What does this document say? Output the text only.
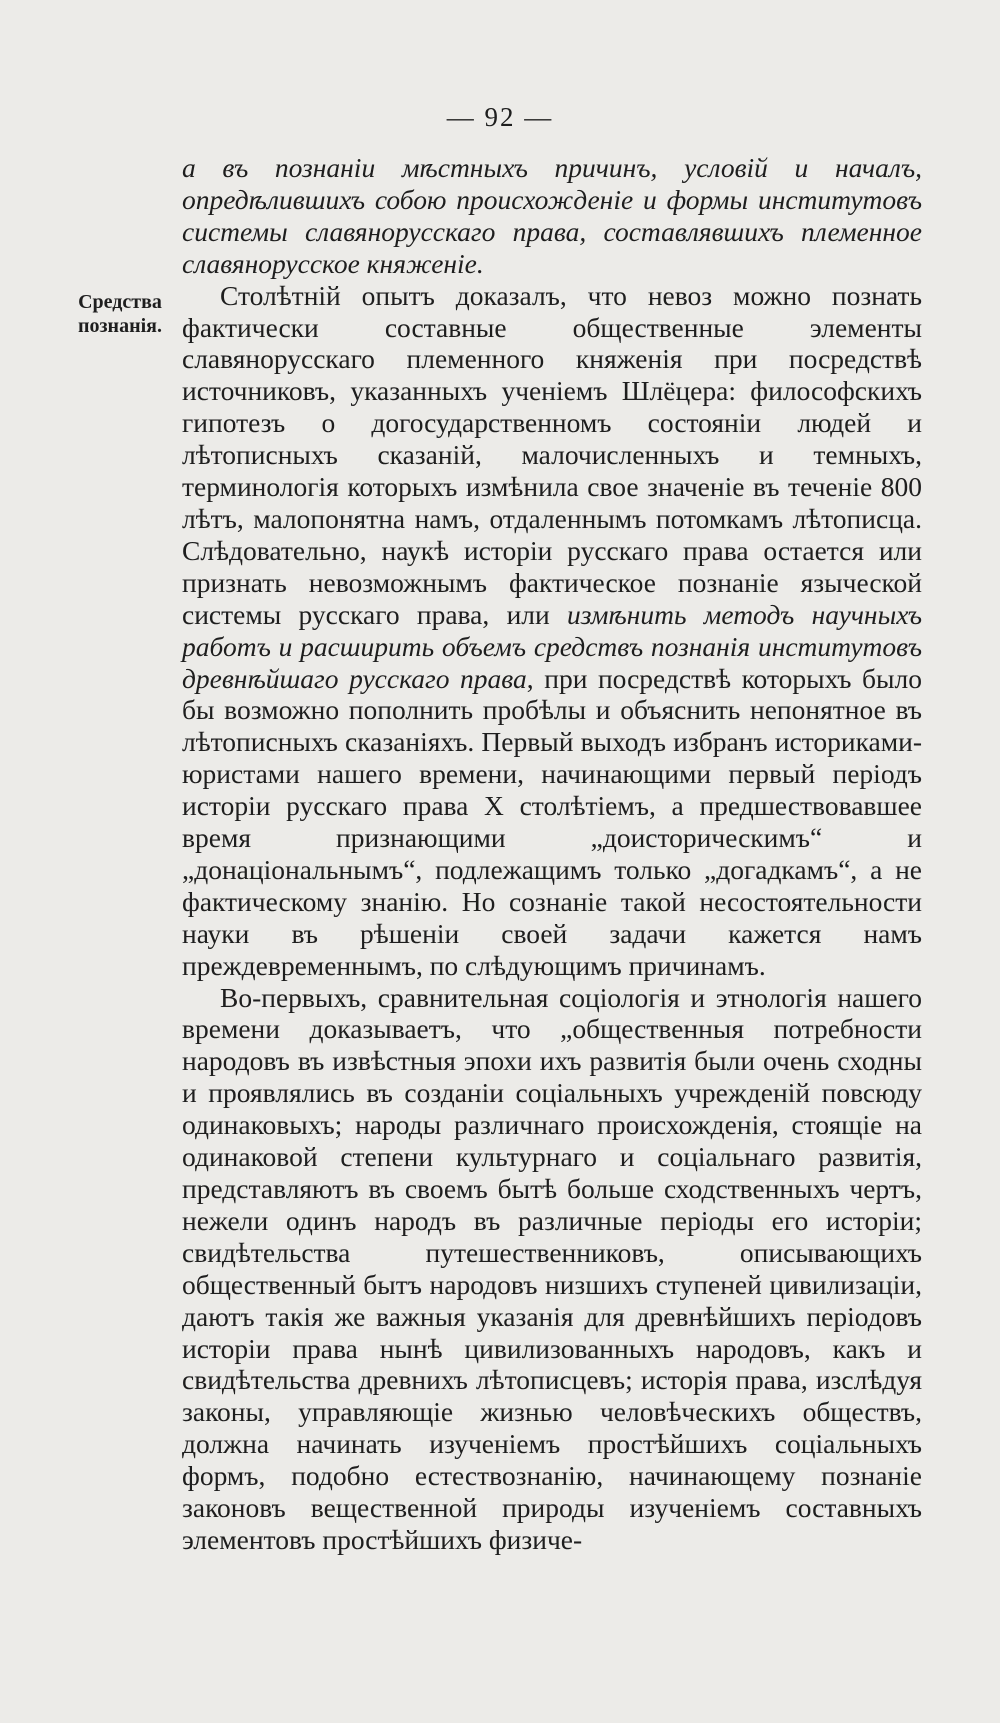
— 92 —
Средства
познанія.

а въ познаніи мѣстныхъ причинъ, условій и началъ, опредѣлившихъ собою происхожденіе и формы институтовъ системы славянорусскаго права, составлявшихъ племенное славянорусское княженіе.

Столѣтній опытъ доказалъ, что невоз можно познать фактически составные общественные элементы славянорусскаго племенного княженія при посредствѣ источниковъ, указанныхъ ученіемъ Шлёцера: философскихъ гипотезъ о догосударственномъ состояніи людей и лѣтописныхъ сказаній, малочисленныхъ и темныхъ, терминологія которыхъ измѣнила свое значеніе въ теченіе 800 лѣтъ, малопонятна намъ, отдаленнымъ потомкамъ лѣтописца. Слѣдовательно, наукѣ исторіи русскаго права остается или признать невозможнымъ фактическое познаніе языческой системы русскаго права, или измѣнить методъ научныхъ работъ и расширить объемъ средствъ познанія институтовъ древнѣйшаго русскаго права, при посредствѣ которыхъ было бы возможно пополнить пробѣлы и объяснить непонятное въ лѣтописныхъ сказаніяхъ. Первый выходъ избранъ историками-юристами нашего времени, начинающими первый періодъ исторіи русскаго права X столѣтіемъ, а предшествовавшее время признающими „доисторическимъ“ и „донаціональнымъ“, подлежащимъ только „догадкамъ“, а не фактическому знанію. Но сознаніе такой несостоятельности науки въ рѣшеніи своей задачи кажется намъ преждевременнымъ, по слѣдующимъ причинамъ.

Во-первыхъ, сравнительная соціологія и этнологія нашего времени доказываетъ, что „общественныя потребности народовъ въ извѣстныя эпохи ихъ развитія были очень сходны и проявлялись въ созданіи соціальныхъ учрежденій повсюду одинаковыхъ; народы различнаго происхожденія, стоящіе на одинаковой степени культурнаго и соціальнаго развитія, представляютъ въ своемъ бытѣ больше сходственныхъ чертъ, нежели одинъ народъ въ различные періоды его исторіи; свидѣтельства путешественниковъ, описывающихъ общественный бытъ народовъ низшихъ ступеней цивилизаціи, даютъ такія же важныя указанія для древнѣйшихъ періодовъ исторіи права нынѣ цивилизованныхъ народовъ, какъ и свидѣтельства древнихъ лѣтописцевъ; исторія права, изслѣдуя законы, управляющіе жизнью человѣческихъ обществъ, должна начинать изученіемъ простѣйшихъ соціальныхъ формъ, подобно естествознанію, начинающему познаніе законовъ вещественной природы изученіемъ составныхъ элементовъ простѣйшихъ физиче-
